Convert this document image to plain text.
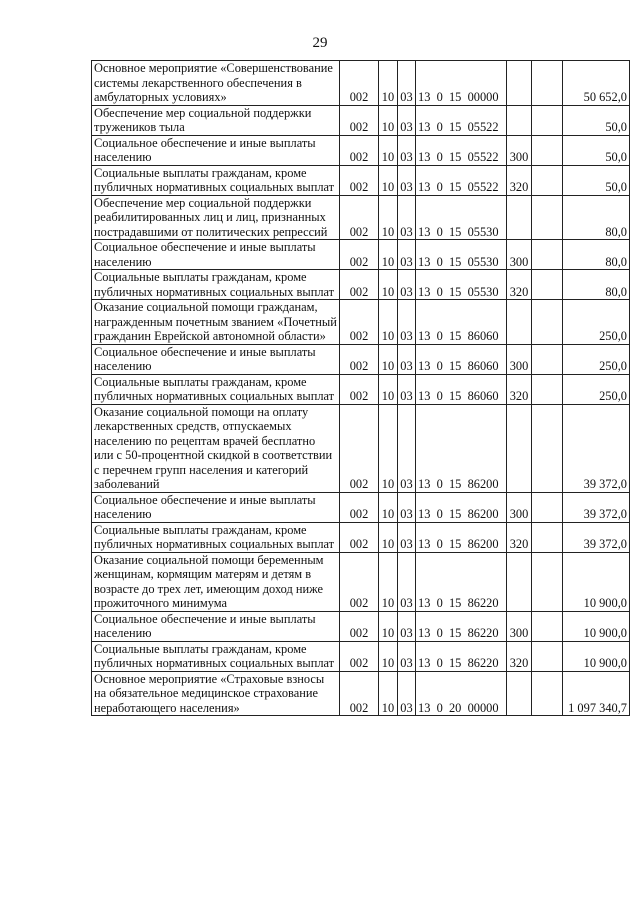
29
Основное мероприятие «Совершенствование системы лекарственного обеспечения в амбулаторных условиях»	002	10	03	13  0  15  00000			50 652,0
Обеспечение мер социальной поддержки тружеников тыла	002	10	03	13  0  15  05522			50,0
Социальное обеспечение и иные выплаты населению	002	10	03	13  0  15  05522	300		50,0
Социальные выплаты гражданам, кроме публичных нормативных социальных выплат	002	10	03	13  0  15  05522	320		50,0
Обеспечение мер социальной поддержки реабилитированных лиц и лиц, признанных пострадавшими от политических репрессий	002	10	03	13  0  15  05530			80,0
Социальное обеспечение и иные выплаты населению	002	10	03	13  0  15  05530	300		80,0
Социальные выплаты гражданам, кроме публичных нормативных социальных выплат	002	10	03	13  0  15  05530	320		80,0
Оказание социальной помощи гражданам, награжденным почетным званием «Почетный гражданин Еврейской автономной области»	002	10	03	13  0  15  86060			250,0
Социальное обеспечение и иные выплаты населению	002	10	03	13  0  15  86060	300		250,0
Социальные выплаты гражданам, кроме публичных нормативных социальных выплат	002	10	03	13  0  15  86060	320		250,0
Оказание социальной помощи на оплату лекарственных средств, отпускаемых населению по рецептам врачей бесплатно или с 50-процентной скидкой в соответствии с перечнем групп населения и категорий заболеваний	002	10	03	13  0  15  86200			39 372,0
Социальное обеспечение и иные выплаты населению	002	10	03	13  0  15  86200	300		39 372,0
Социальные выплаты гражданам, кроме публичных нормативных социальных выплат	002	10	03	13  0  15  86200	320		39 372,0
Оказание социальной помощи беременным женщинам, кормящим матерям и детям в возрасте до трех лет, имеющим доход ниже прожиточного минимума	002	10	03	13  0  15  86220			10 900,0
Социальное обеспечение и иные выплаты населению	002	10	03	13  0  15  86220	300		10 900,0
Социальные выплаты гражданам, кроме публичных нормативных социальных выплат	002	10	03	13  0  15  86220	320		10 900,0
Основное мероприятие «Страховые взносы на обязательное медицинское страхование неработающего населения»	002	10	03	13  0  20  00000			1 097 340,7
